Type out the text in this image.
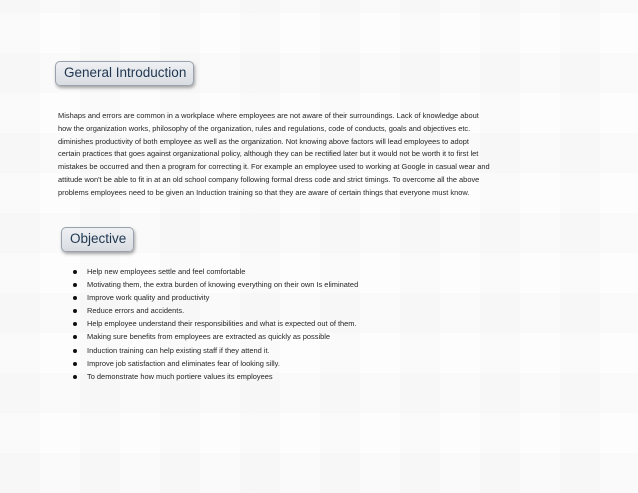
General Introduction
Mishaps and errors are common in a workplace where employees are not aware of their surroundings. Lack of knowledge about
how the organization works, philosophy of the organization, rules and regulations, code of conducts, goals and objectives etc.
diminishes productivity of both employee as well as the organization. Not knowing above factors will lead employees to adopt
certain practices that goes against organizational policy, although they can be rectified later but it would not be worth it to first let
mistakes be occurred and then a program for correcting it. For example an employee used to working at Google in casual wear and
attitude won't be able to fit in at an old school company following formal dress code and strict timings. To overcome all the above
problems employees need to be given an Induction training so that they are aware of certain things that everyone must know.
Objective
Help new employees settle and feel comfortable
Motivating them, the extra burden of knowing everything on their own Is eliminated
Improve work quality and productivity
Reduce errors and accidents.
Help employee understand their responsibilities and what is expected out of them.
Making sure benefits from employees are extracted as quickly as possible
Induction training can help existing staff if they attend it.
Improve job satisfaction and eliminates fear of looking silly.
To demonstrate how much portiere values its employees
